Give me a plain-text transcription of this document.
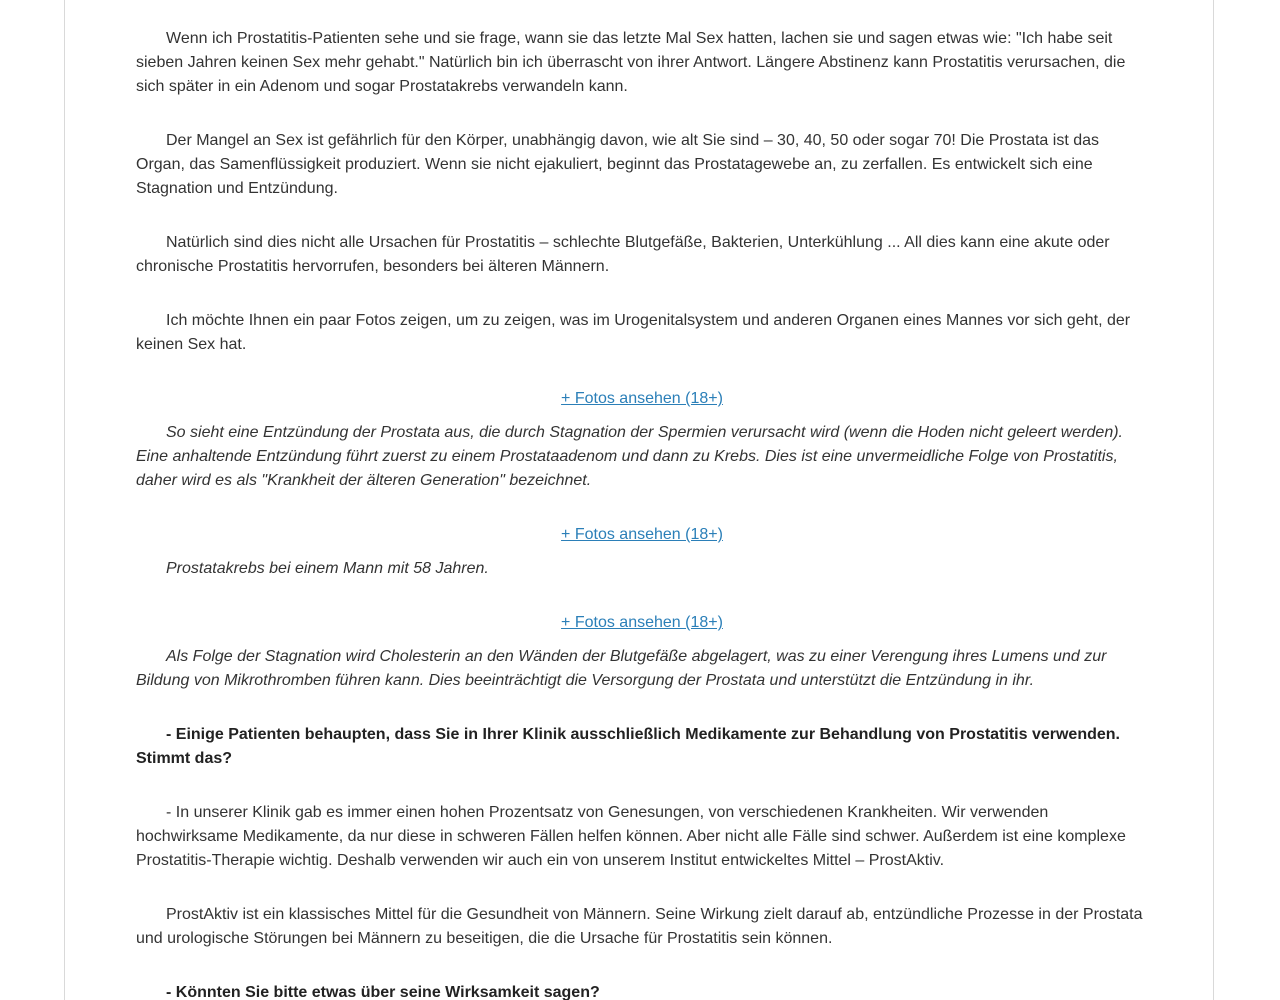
Wenn ich Prostatitis-Patienten sehe und sie frage, wann sie das letzte Mal Sex hatten, lachen sie und sagen etwas wie: "Ich habe seit sieben Jahren keinen Sex mehr gehabt." Natürlich bin ich überrascht von ihrer Antwort. Längere Abstinenz kann Prostatitis verursachen, die sich später in ein Adenom und sogar Prostatakrebs verwandeln kann.

Der Mangel an Sex ist gefährlich für den Körper, unabhängig davon, wie alt Sie sind – 30, 40, 50 oder sogar 70! Die Prostata ist das Organ, das Samenflüssigkeit produziert. Wenn sie nicht ejakuliert, beginnt das Prostatagewebe an, zu zerfallen. Es entwickelt sich eine Stagnation und Entzündung.

Natürlich sind dies nicht alle Ursachen für Prostatitis – schlechte Blutgefäße, Bakterien, Unterkühlung ... All dies kann eine akute oder chronische Prostatitis hervorrufen, besonders bei älteren Männern.

Ich möchte Ihnen ein paar Fotos zeigen, um zu zeigen, was im Urogenitalsystem und anderen Organen eines Mannes vor sich geht, der keinen Sex hat.

+ Fotos ansehen (18+)

So sieht eine Entzündung der Prostata aus, die durch Stagnation der Spermien verursacht wird (wenn die Hoden nicht geleert werden). Eine anhaltende Entzündung führt zuerst zu einem Prostataadenom und dann zu Krebs. Dies ist eine unvermeidliche Folge von Prostatitis, daher wird es als "Krankheit der älteren Generation" bezeichnet.

+ Fotos ansehen (18+)

Prostatakrebs bei einem Mann mit 58 Jahren.

+ Fotos ansehen (18+)

Als Folge der Stagnation wird Cholesterin an den Wänden der Blutgefäße abgelagert, was zu einer Verengung ihres Lumens und zur Bildung von Mikrothromben führen kann. Dies beeinträchtigt die Versorgung der Prostata und unterstützt die Entzündung in ihr.

- Einige Patienten behaupten, dass Sie in Ihrer Klinik ausschließlich Medikamente zur Behandlung von Prostatitis verwenden. Stimmt das?

- In unserer Klinik gab es immer einen hohen Prozentsatz von Genesungen, von verschiedenen Krankheiten. Wir verwenden hochwirksame Medikamente, da nur diese in schweren Fällen helfen können. Aber nicht alle Fälle sind schwer. Außerdem ist eine komplexe Prostatitis-Therapie wichtig. Deshalb verwenden wir auch ein von unserem Institut entwickeltes Mittel – ProstAktiv.

ProstAktiv ist ein klassisches Mittel für die Gesundheit von Männern. Seine Wirkung zielt darauf ab, entzündliche Prozesse in der Prostata und urologische Störungen bei Männern zu beseitigen, die die Ursache für Prostatitis sein können.

- Könnten Sie bitte etwas über seine Wirksamkeit sagen?
